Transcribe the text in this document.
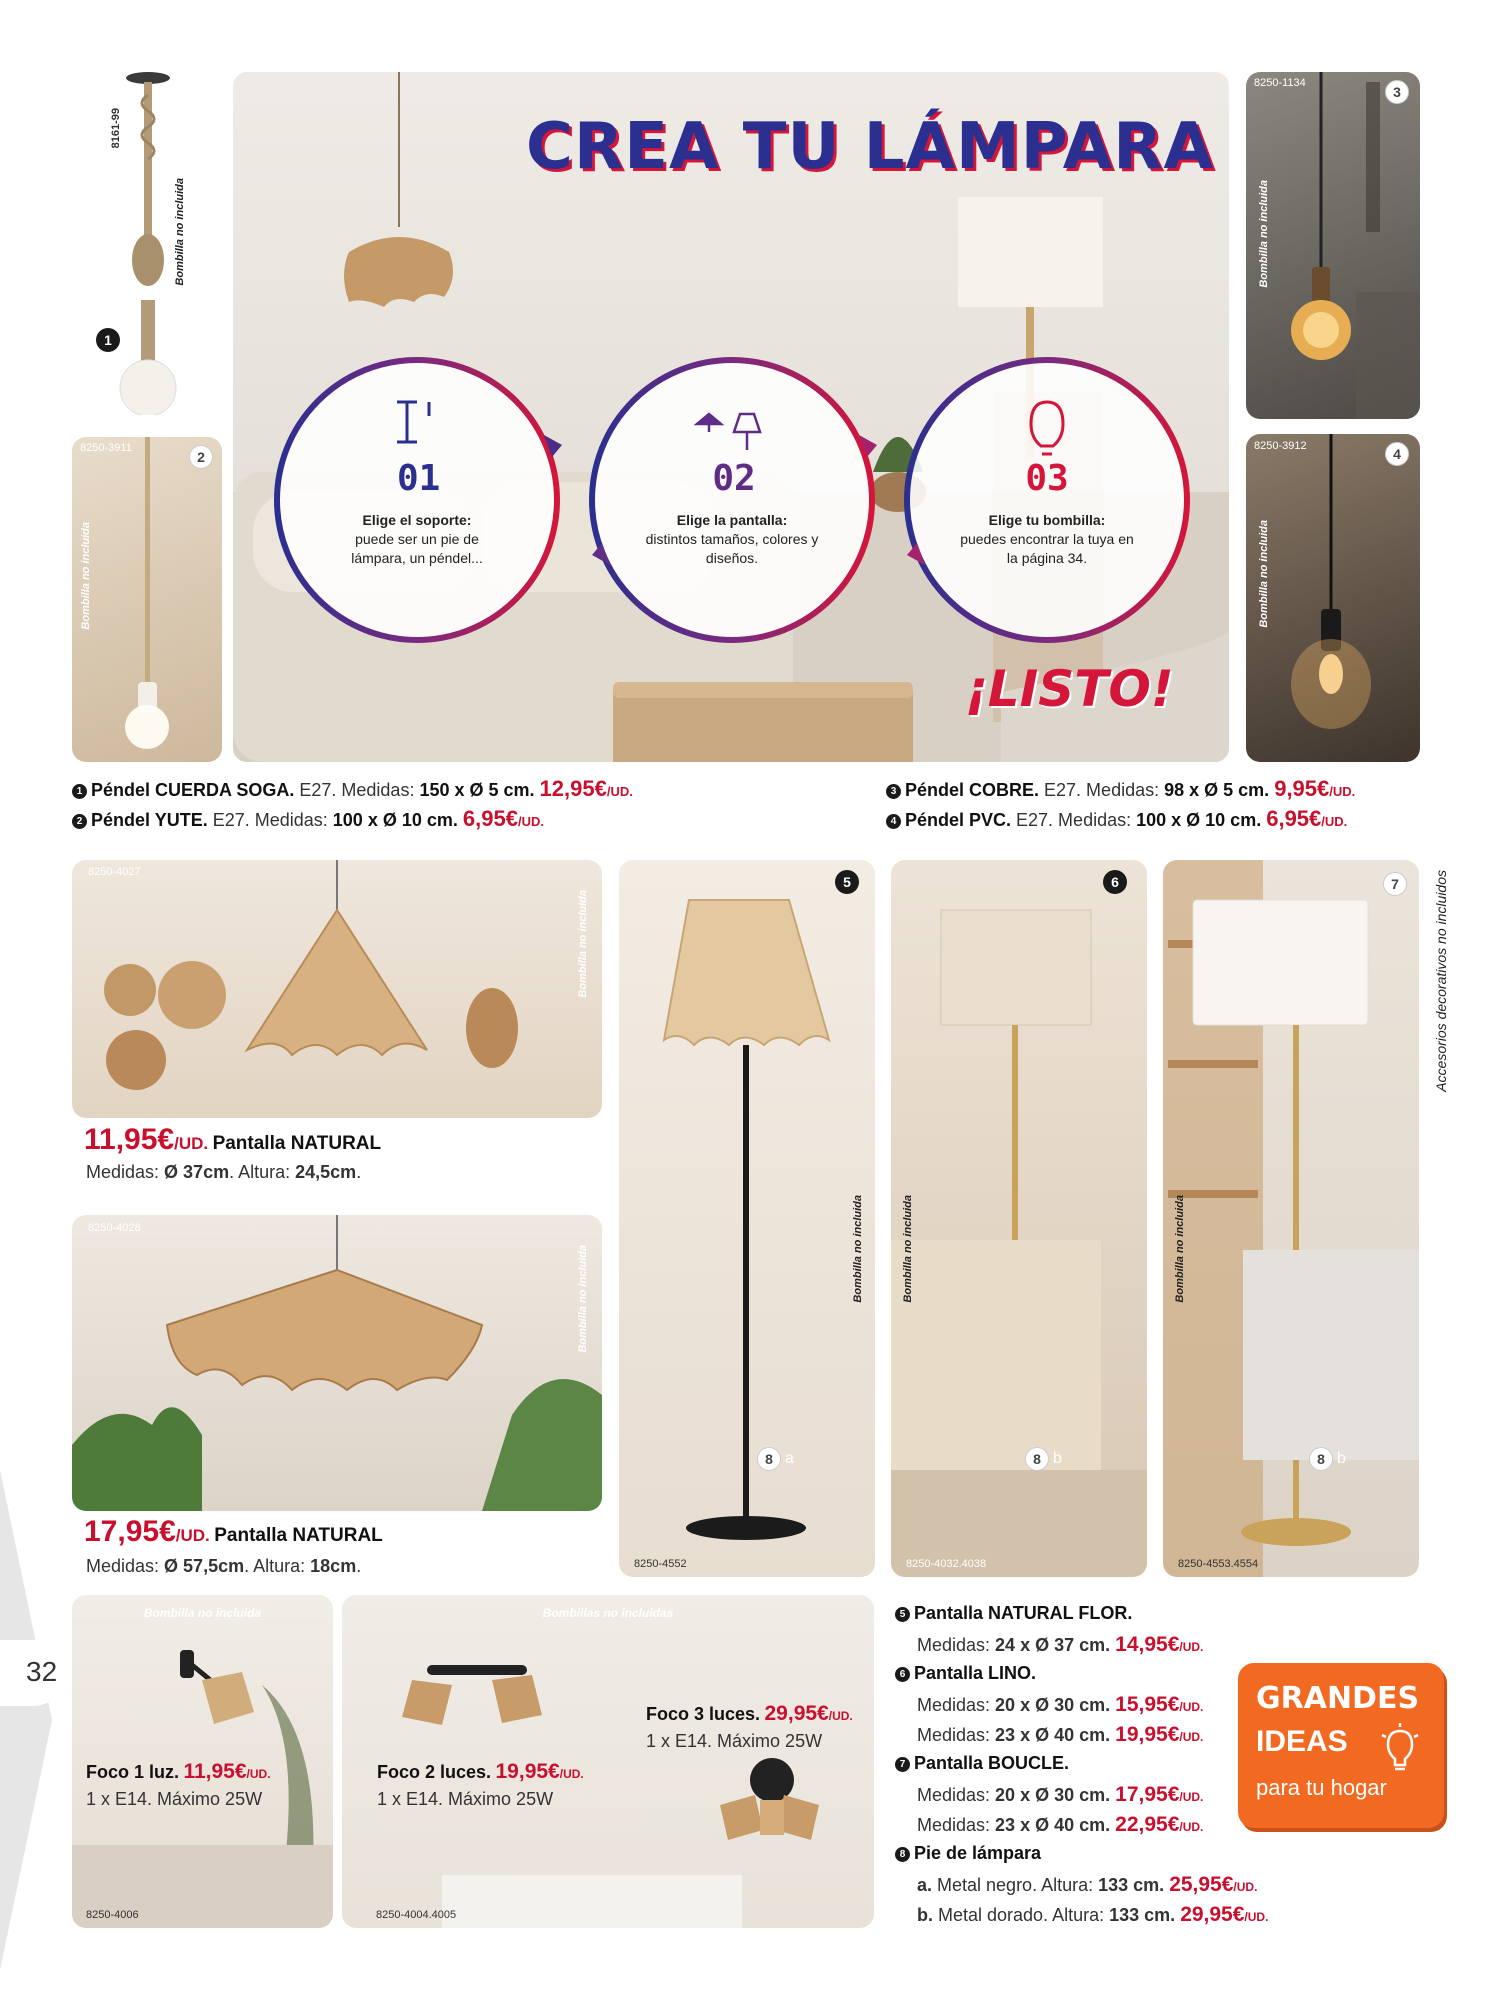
8161-99
Bombilla no incluida
1
8250-3911
2
Bombilla no incluida
CREA TU LÁMPARA
01
Elige el soporte:
puede ser un pie de lámpara, un péndel...
02
Elige la pantalla:
distintos tamaños, colores y diseños.
03
Elige tu bombilla:
puedes encontrar la tuya en la página 34.
¡LISTO!
8250-1134
3
Bombilla no incluida
8250-3912	4
Bombilla no incluida
1 Péndel CUERDA SOGA. E27. Medidas: 150 x Ø 5 cm. 12,95€/UD.
2 Péndel YUTE. E27. Medidas: 100 x Ø 10 cm. 6,95€/UD.
3 Péndel COBRE. E27. Medidas: 98 x Ø 5 cm. 9,95€/UD.
4 Péndel PVC. E27. Medidas: 100 x Ø 10 cm. 6,95€/UD.
8250-4027
Bombilla no incluida
11,95€/UD. Pantalla NATURAL
Medidas: Ø 37cm. Altura: 24,5cm.
8250-4028
Bombilla no incluida
17,95€/UD. Pantalla NATURAL
Medidas: Ø 57,5cm. Altura: 18cm.
5
Bombilla no incluida
8 a
8250-4552
6
Bombilla no incluida
8 b
8250-4032.4038
7
Bombilla no incluida
8 b
8250-4553.4554
Accesorios decorativos no incluidos
Bombilla no incluida
Foco 1 luz. 11,95€/UD.
1 x E14. Máximo 25W
8250-4006
Bombillas no incluidas
Foco 2 luces. 19,95€/UD.
1 x E14. Máximo 25W
Foco 3 luces. 29,95€/UD.
1 x E14. Máximo 25W
8250-4004.4005
5 Pantalla NATURAL FLOR.
Medidas: 24 x Ø 37 cm. 14,95€/UD.
6 Pantalla LINO.
Medidas: 20 x Ø 30 cm. 15,95€/UD.
Medidas: 23 x Ø 40 cm. 19,95€/UD.
7 Pantalla BOUCLE.
Medidas: 20 x Ø 30 cm. 17,95€/UD.
Medidas: 23 x Ø 40 cm. 22,95€/UD.
8 Pie de lámpara
a. Metal negro. Altura: 133 cm. 25,95€/UD.
b. Metal dorado. Altura: 133 cm. 29,95€/UD.
GRANDES
IDEAS
para tu hogar
32
